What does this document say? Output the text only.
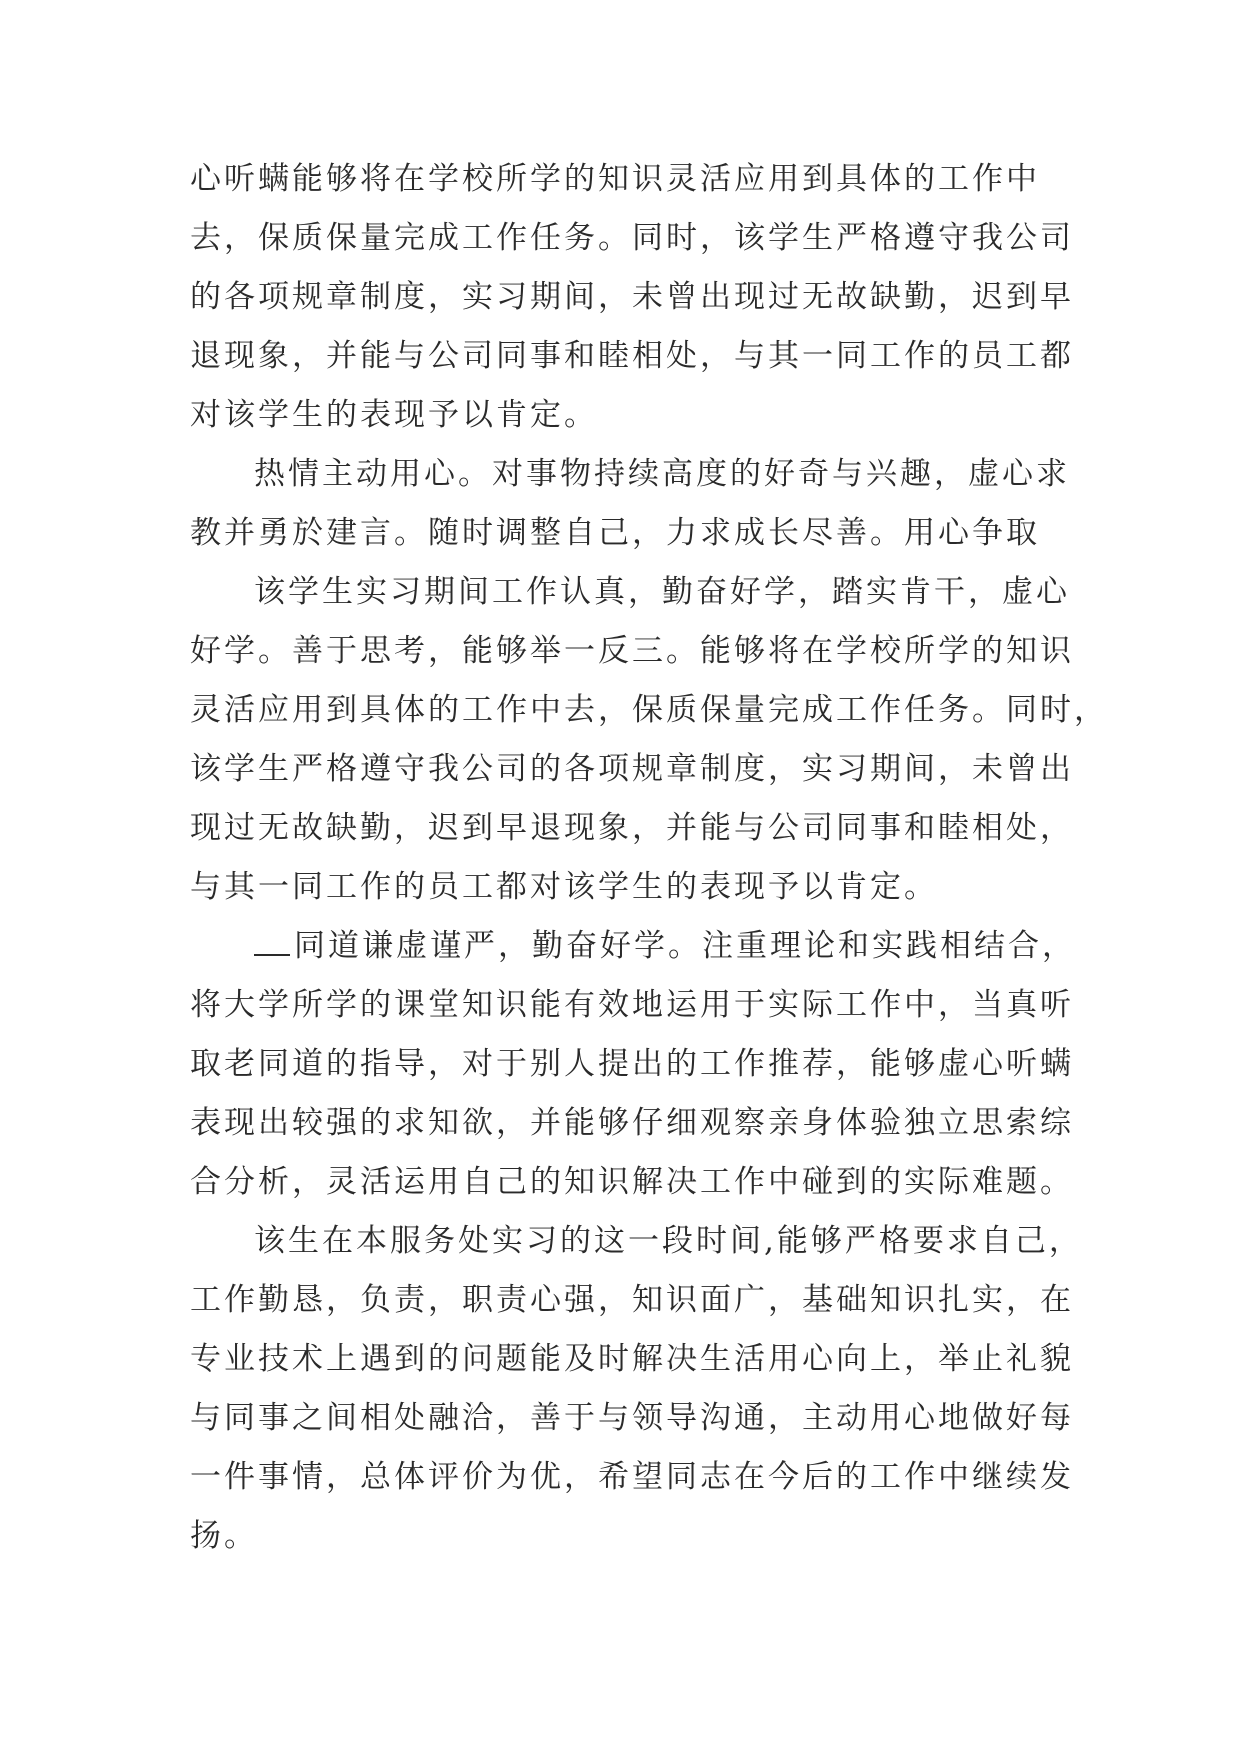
心听螨能够将在学校所学的知识灵活应用到具体的工作中
去，保质保量完成工作任务。同时，该学生严格遵守我公司
的各项规章制度，实习期间，未曾出现过无故缺勤，迟到早
退现象，并能与公司同事和睦相处，与其一同工作的员工都
对该学生的表现予以肯定。

热情主动用心。对事物持续高度的好奇与兴趣，虚心求
教并勇於建言。随时调整自己，力求成长尽善。用心争取

该学生实习期间工作认真，勤奋好学，踏实肯干，虚心
好学。善于思考，能够举一反三。能够将在学校所学的知识
灵活应用到具体的工作中去，保质保量完成工作任务。同时，
该学生严格遵守我公司的各项规章制度，实习期间，未曾出
现过无故缺勤，迟到早退现象，并能与公司同事和睦相处，
与其一同工作的员工都对该学生的表现予以肯定。

同道谦虚谨严，勤奋好学。注重理论和实践相结合，
将大学所学的课堂知识能有效地运用于实际工作中，当真听
取老同道的指导，对于别人提出的工作推荐，能够虚心听螨
表现出较强的求知欲，并能够仔细观察亲身体验独立思索综
合分析，灵活运用自己的知识解决工作中碰到的实际难题。

该生在本服务处实习的这一段时间,能够严格要求自己，
工作勤恳，负责，职责心强，知识面广，基础知识扎实，在
专业技术上遇到的问题能及时解决生活用心向上，举止礼貌
与同事之间相处融洽，善于与领导沟通，主动用心地做好每
一件事情，总体评价为优，希望同志在今后的工作中继续发
扬。
